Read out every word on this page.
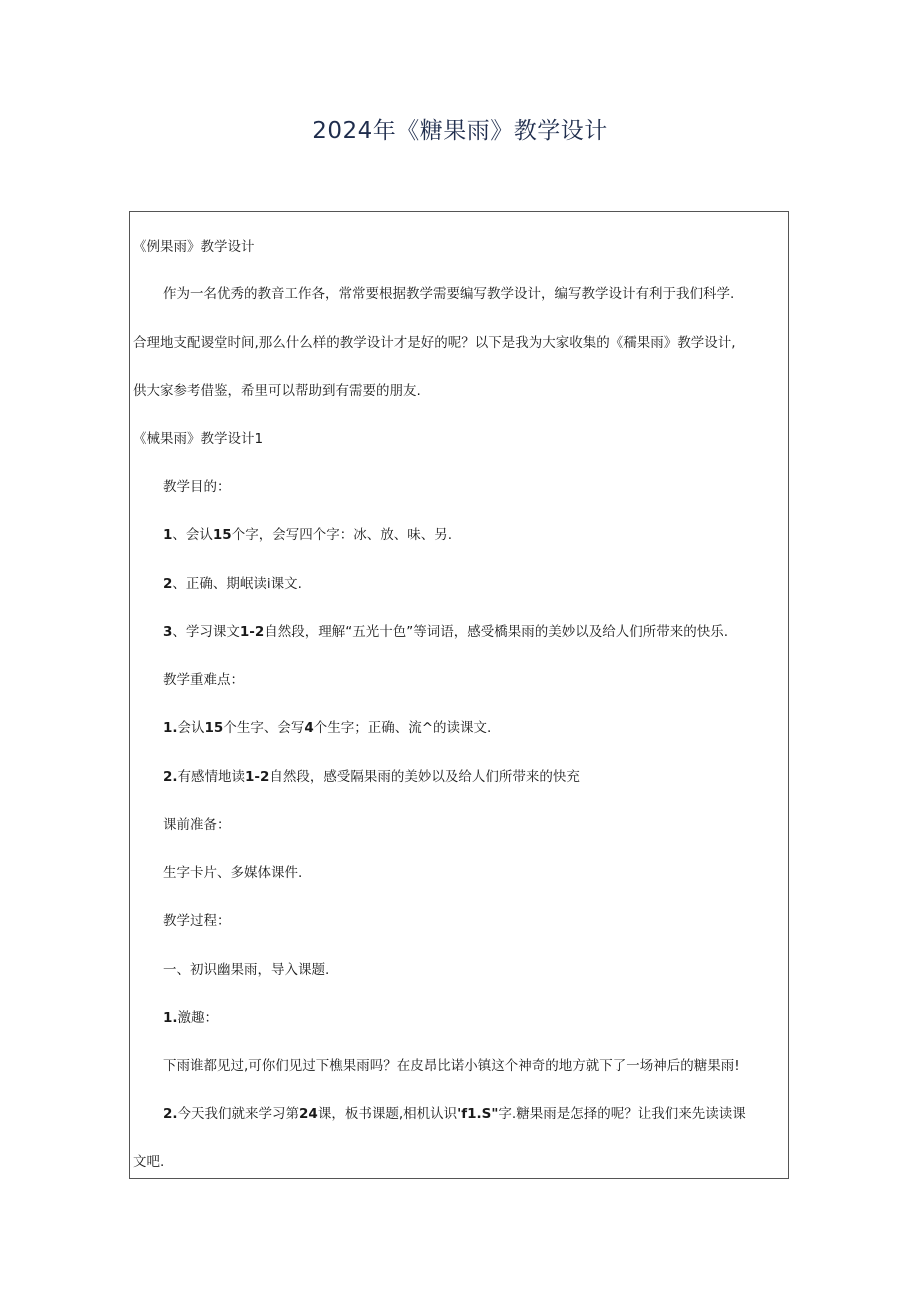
2024年《糖果雨》教学设计
《例果雨》教学设计
作为一名优秀的教音工作各，常常要根据教学需要编写教学设计，编写教学设计有利于我们科学.
合理地支配谡堂时间,那么什么样的教学设计才是好的呢？以下是我为大家收集的《穤果雨》教学设计,
供大家参考借鉴，希里可以帮助到有需要的朋友.
《械果雨》教学设计1
教学目的：
1、会认15个字，会写四个字：冰、放、味、另.
2、正确、期岷读i课文.
3、学习课文1-2自然段，理解“五光十色”等词语，感受橋果雨的美妙以及给人们所带来的快乐.
教学重难点：
1.会认15个生字、会写4个生字；正确、流^的读课文.
2.有感情地读1-2自然段，感受隔果雨的美妙以及给人们所带来的快充
课前准备：
生字卡片、多媒体课件.
教学过程：
一、初识幽果雨，导入课题.
1.激趣：
下雨谁都见过,可你们见过下樵果雨吗？在皮昂比诺小镇这个神奇的地方就下了一场神后的糖果雨!
2.今天我们就来学习第24课，板书课题,相机认识'f1.S"字.糖果雨是怎择的呢？让我们来先读读课
文吧.
